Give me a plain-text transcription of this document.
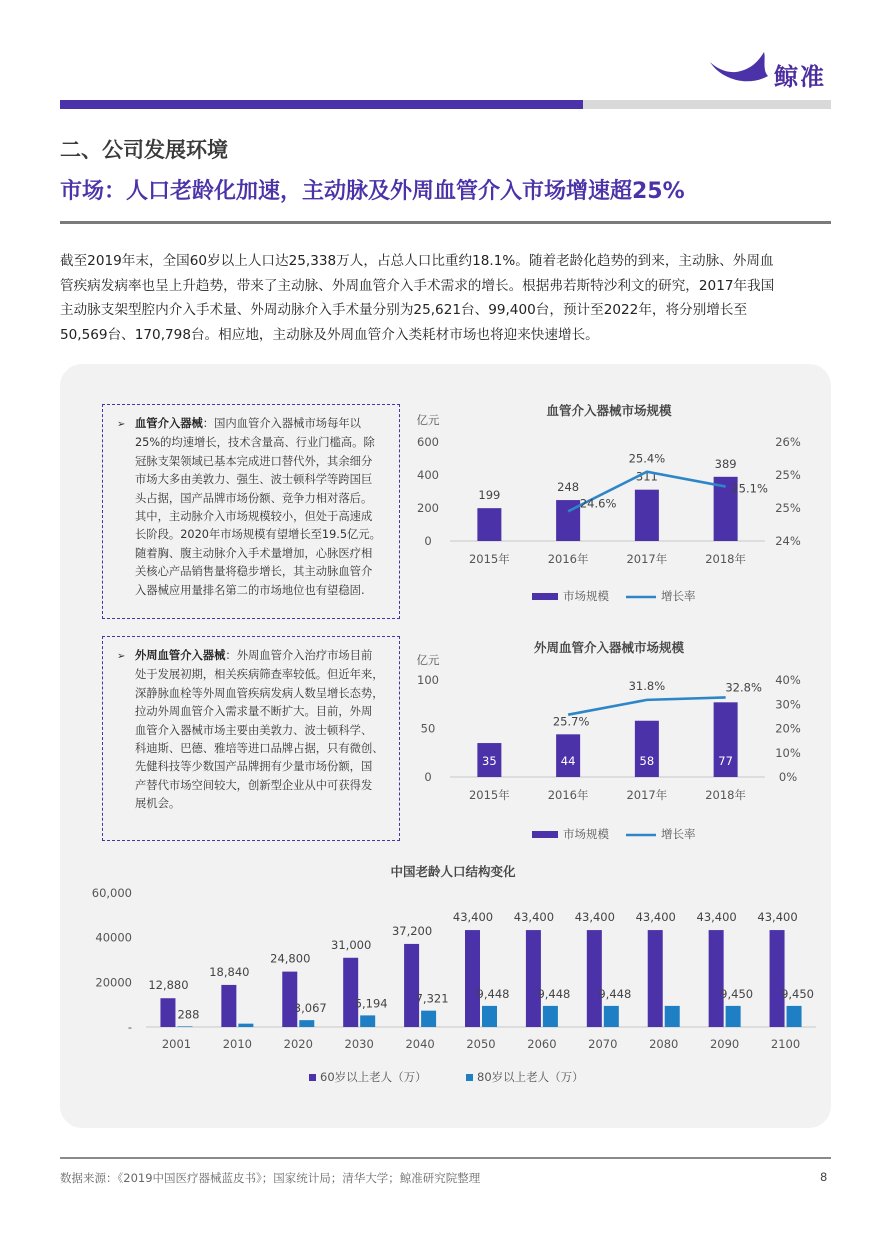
鲸准
二、公司发展环境
市场：人口老龄化加速，主动脉及外周血管介入市场增速超25%
截至2019年末，全国60岁以上人口达25,338万人，占总人口比重约18.1%。随着老龄化趋势的到来，主动脉、外周血
管疾病发病率也呈上升趋势，带来了主动脉、外周血管介入手术需求的增长。根据弗若斯特沙利文的研究，2017年我国
主动脉支架型腔内介入手术量、外周动脉介入手术量分别为25,621台、99,400台，预计至2022年，将分别增长至
50,569台、170,798台。相应地，主动脉及外周血管介入类耗材市场也将迎来快速增长。
➢ 血管介入器械：国内血管介入器械市场每年以
25%的均速增长，技术含量高、行业门槛高。除
冠脉支架领域已基本完成进口替代外，其余细分
市场大多由美敦力、强生、波士顿科学等跨国巨
头占据，国产品牌市场份额、竞争力相对落后。
其中，主动脉介入市场规模较小，但处于高速成
长阶段。2020年市场规模有望增长至19.5亿元。
随着胸、腹主动脉介入手术量增加，心脉医疗相
关核心产品销售量将稳步增长，其主动脉血管介
入器械应用量排名第二的市场地位也有望稳固.
➢ 外周血管介入器械：外周血管介入治疗市场目前
处于发展初期，相关疾病筛查率较低。但近年来，
深静脉血栓等外周血管疾病发病人数呈增长态势，
拉动外周血管介入需求量不断扩大。目前，外周
血管介入器械市场主要由美敦力、波士顿科学、
科迪斯、巴德、雅培等进口品牌占据，只有微创、
先健科技等少数国产品牌拥有少量市场份额，国
产替代市场空间较大，创新型企业从中可获得发
展机会。
血管介入器械市场规模
亿元
0
200
400
600
24%
25%
25%
26%
199
2015年
248
2016年
311
2017年
389
2018年
24.6%
25.4%
25.1%
市场规模	增长率
外周血管介入器械市场规模
亿元
0
50
100
0%
10%
20%
30%
40%
35
2015年
44
2016年
58
2017年
77
2018年
25.7%
31.8%	32.8%
市场规模	增长率
中国老龄人口结构变化
-
20000
40000
60,000
12,880
288
2001
18,840
2010
24,800
3,067
2020
31,000
5,194
2030
37,200
7,321
2040
43,400
9,448
2050
43,400
9,448
2060
43,400
9,448
2070
43,400
2080
43,400
9,450
2090
43,400
9,450
2100
60岁以上老人（万）	80岁以上老人（万）
数据来源：《2019中国医疗器械蓝皮书》；国家统计局；清华大学；鲸准研究院整理	8
